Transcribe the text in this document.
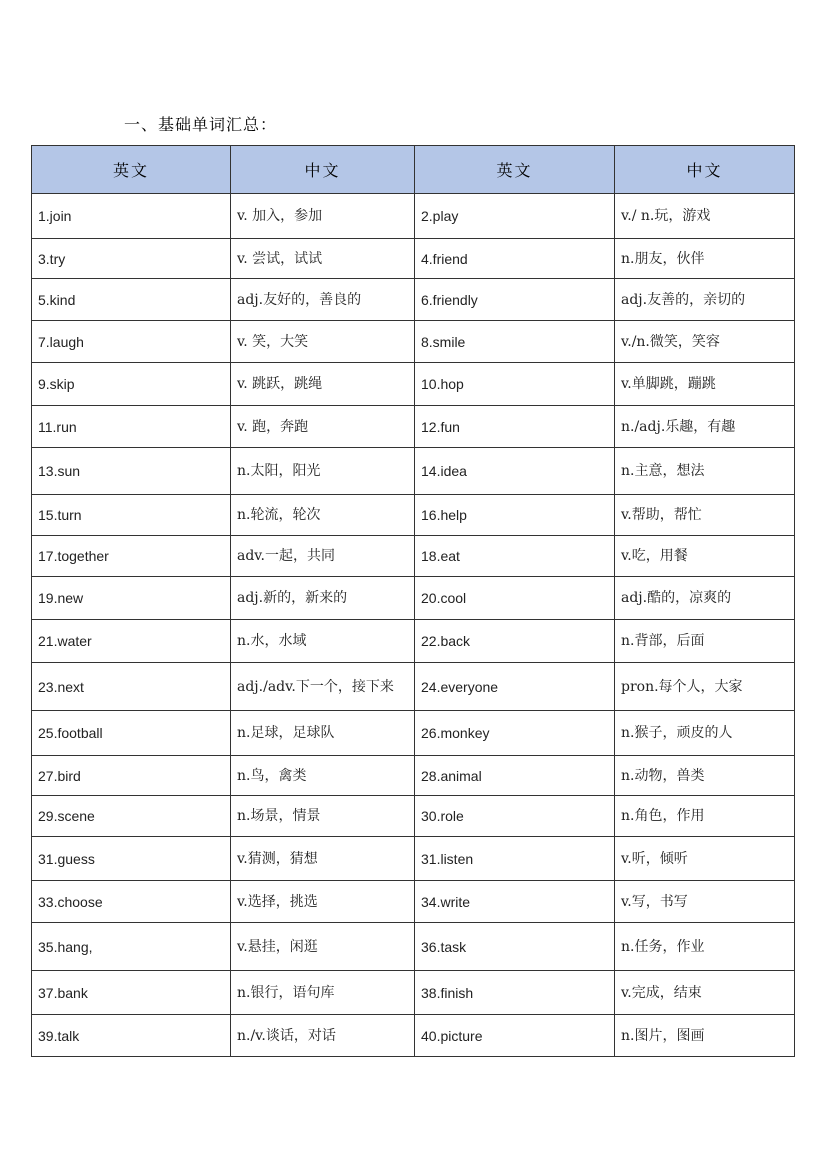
一、基础单词汇总：
英文	中文	英文	中文
1.join	v. 加入，参加	2.play	v./ n.玩，游戏
3.try	v. 尝试，试试	4.friend	n.朋友，伙伴
5.kind	adj.友好的，善良的	6.friendly	adj.友善的，亲切的
7.laugh	v. 笑，大笑	8.smile	v./n.微笑，笑容
9.skip	v. 跳跃，跳绳	10.hop	v.单脚跳，蹦跳
11.run	v. 跑，奔跑	12.fun	n./adj.乐趣，有趣
13.sun	n.太阳，阳光	14.idea	n.主意，想法
15.turn	n.轮流，轮次	16.help	v.帮助，帮忙
17.together	adv.一起，共同	18.eat	v.吃，用餐
19.new	adj.新的，新来的	20.cool	adj.酷的，凉爽的
21.water	n.水，水域	22.back	n.背部，后面
23.next	adj./adv.下一个，接下来	24.everyone	pron.每个人，大家
25.football	n.足球，足球队	26.monkey	n.猴子，顽皮的人
27.bird	n.鸟，禽类	28.animal	n.动物，兽类
29.scene	n.场景，情景	30.role	n.角色，作用
31.guess	v.猜测，猜想	31.listen	v.听，倾听
33.choose	v.选择，挑选	34.write	v.写，书写
35.hang,	v.悬挂，闲逛	36.task	n.任务，作业
37.bank	n.银行，语句库	38.finish	v.完成，结束
39.talk	n./v.谈话，对话	40.picture	n.图片，图画
